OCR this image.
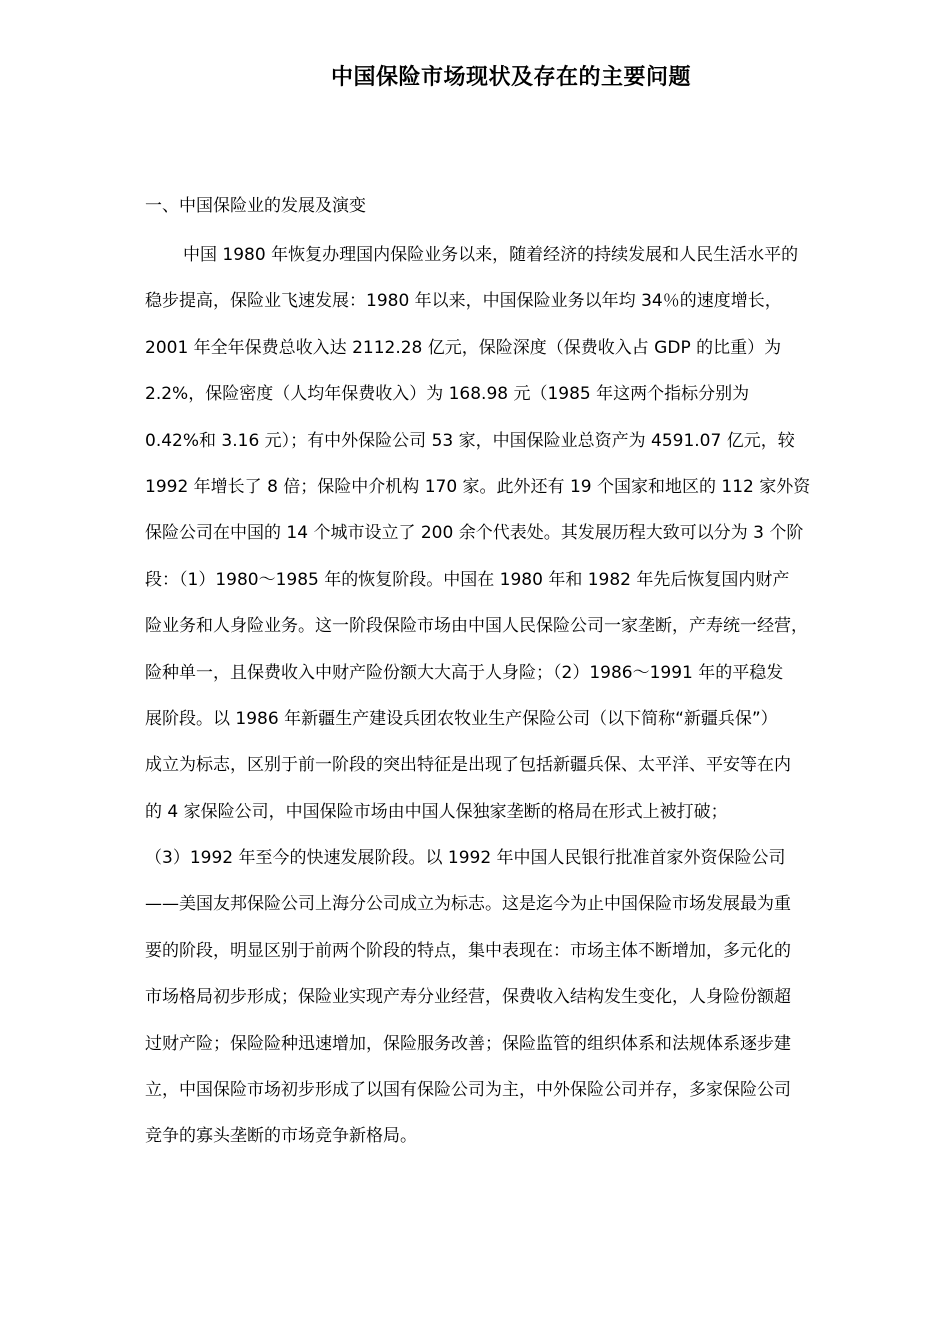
中国保险市场现状及存在的主要问题

一、中国保险业的发展及演变

中国 1980 年恢复办理国内保险业务以来，随着经济的持续发展和人民生活水平的
稳步提高，保险业飞速发展：1980 年以来，中国保险业务以年均 34％的速度增长，
2001 年全年保费总收入达 2112.28 亿元，保险深度（保费收入占 GDP 的比重）为
2.2%，保险密度（人均年保费收入）为 168.98 元（1985 年这两个指标分别为
0.42%和 3.16 元）；有中外保险公司 53 家，中国保险业总资产为 4591.07 亿元，较
1992 年增长了 8 倍；保险中介机构 170 家。此外还有 19 个国家和地区的 112 家外资
保险公司在中国的 14 个城市设立了 200 余个代表处。其发展历程大致可以分为 3 个阶
段：（1）1980～1985 年的恢复阶段。中国在 1980 年和 1982 年先后恢复国内财产
险业务和人身险业务。这一阶段保险市场由中国人民保险公司一家垄断，产寿统一经营，
险种单一，且保费收入中财产险份额大大高于人身险；（2）1986～1991 年的平稳发
展阶段。以 1986 年新疆生产建设兵团农牧业生产保险公司（以下简称“新疆兵保”）
成立为标志，区别于前一阶段的突出特征是出现了包括新疆兵保、太平洋、平安等在内
的 4 家保险公司，中国保险市场由中国人保独家垄断的格局在形式上被打破；
（3）1992 年至今的快速发展阶段。以 1992 年中国人民银行批准首家外资保险公司
——美国友邦保险公司上海分公司成立为标志。这是迄今为止中国保险市场发展最为重
要的阶段，明显区别于前两个阶段的特点，集中表现在：市场主体不断增加，多元化的
市场格局初步形成；保险业实现产寿分业经营，保费收入结构发生变化，人身险份额超
过财产险；保险险种迅速增加，保险服务改善；保险监管的组织体系和法规体系逐步建
立，中国保险市场初步形成了以国有保险公司为主，中外保险公司并存，多家保险公司
竞争的寡头垄断的市场竞争新格局。
